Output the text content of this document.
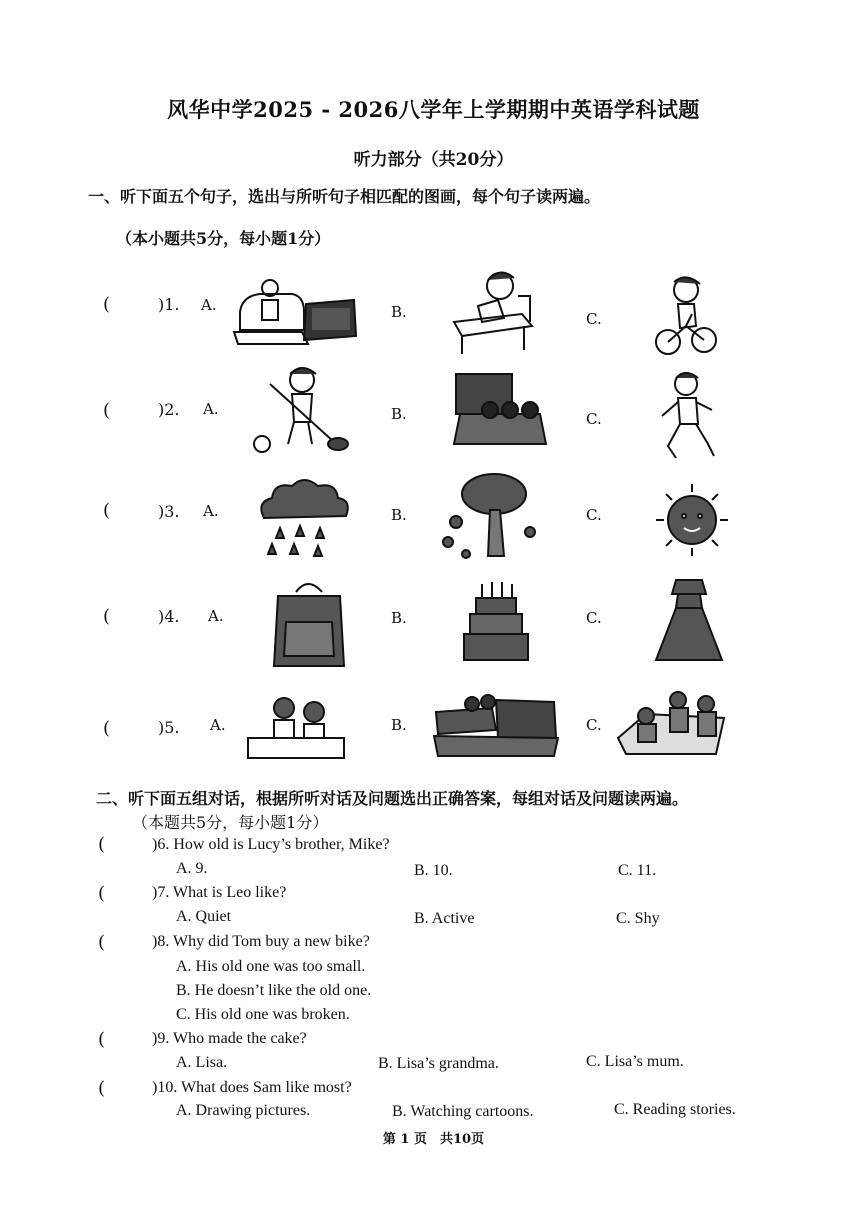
风华中学2025 - 2026八学年上学期期中英语学科试题
听力部分（共20分）
一、听下面五个句子，选出与所听句子相匹配的图画，每个句子读两遍。
（本小题共5分，每小题1分）
(	)1. A.	B.	C.
(	)2. A.	B.	C.
(	)3. A.	B.	C.
(	)4. A.	B.	C.
(	)5. A.	B.	C.
二、听下面五组对话，根据所听对话及问题选出正确答案，每组对话及问题读两遍。
（本题共5分，每小题1分）
(	)6. How old is Lucy’s brother, Mike?
A. 9.	B. 10.	C. 11.
(	)7. What is Leo like?
A. Quiet	B. Active	C. Shy
(	)8. Why did Tom buy a new bike?
A. His old one was too small.
B. He doesn’t like the old one.
C. His old one was broken.
(	)9. Who made the cake?
A. Lisa.	B. Lisa’s grandma.	C. Lisa’s mum.
(	)10. What does Sam like most?
A. Drawing pictures.	B. Watching cartoons.	C. Reading stories.
第 1 页　共10页
